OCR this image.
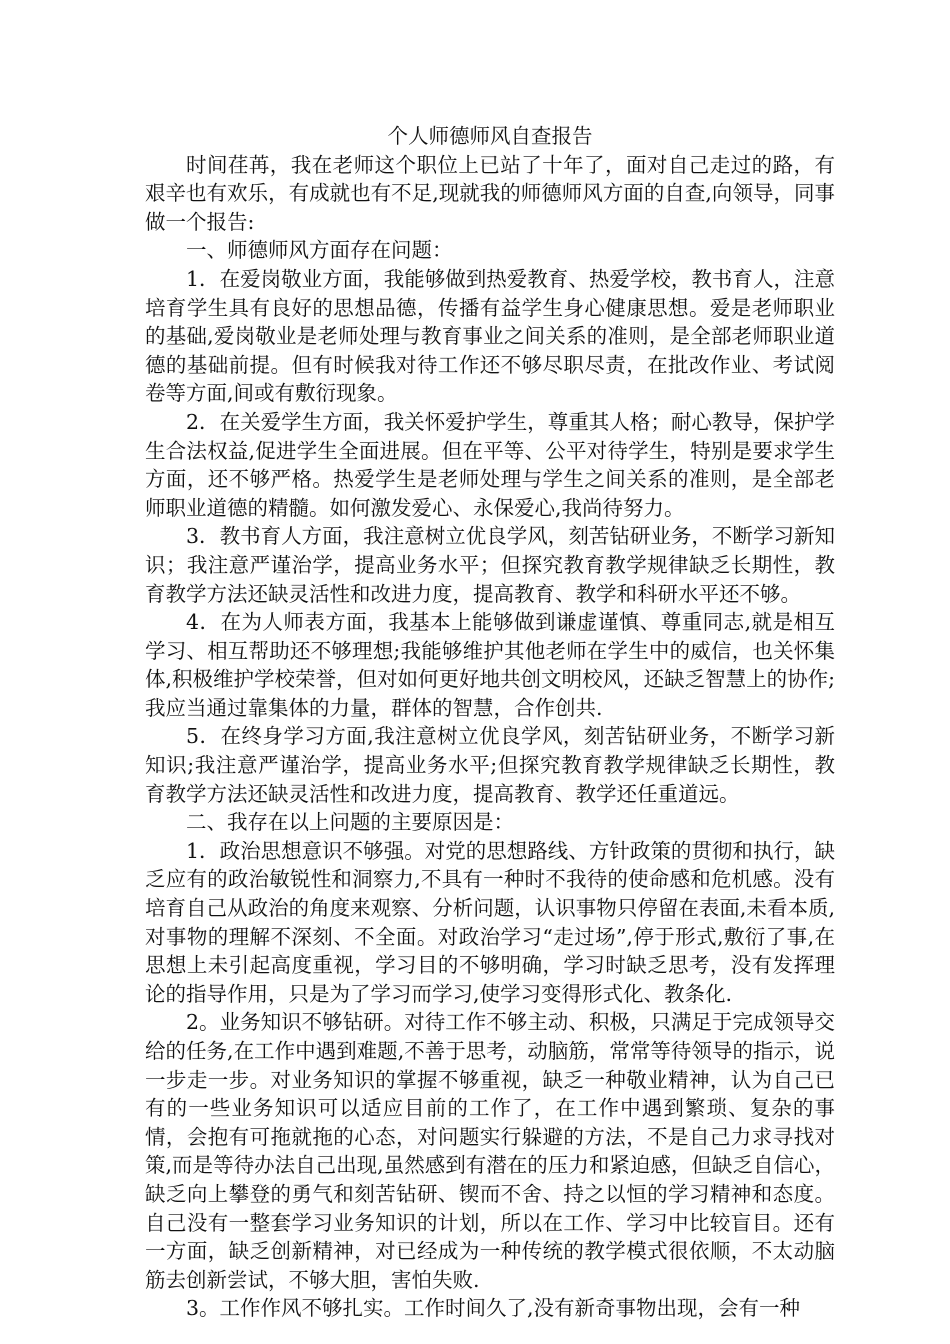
个人师德师风自查报告

时间荏苒，我在老师这个职位上已站了十年了，面对自己走过的路，有艰辛也有欢乐，有成就也有不足,现就我的师德师风方面的自查,向领导，同事做一个报告:

一、师德师风方面存在问题：

1．在爱岗敬业方面，我能够做到热爱教育、热爱学校，教书育人，注意培育学生具有良好的思想品德，传播有益学生身心健康思想。爱是老师职业的基础,爱岗敬业是老师处理与教育事业之间关系的准则，是全部老师职业道德的基础前提。但有时候我对待工作还不够尽职尽责，在批改作业、考试阅卷等方面,间或有敷衍现象。

2．在关爱学生方面，我关怀爱护学生，尊重其人格；耐心教导，保护学生合法权益,促进学生全面进展。但在平等、公平对待学生，特别是要求学生方面，还不够严格。热爱学生是老师处理与学生之间关系的准则，是全部老师职业道德的精髓。如何激发爱心、永保爱心,我尚待努力。

3．教书育人方面，我注意树立优良学风，刻苦钻研业务，不断学习新知识；我注意严谨治学，提高业务水平；但探究教育教学规律缺乏长期性，教育教学方法还缺灵活性和改进力度，提高教育、教学和科研水平还不够。

4．在为人师表方面，我基本上能够做到谦虚谨慎、尊重同志,就是相互学习、相互帮助还不够理想;我能够维护其他老师在学生中的威信，也关怀集体,积极维护学校荣誉，但对如何更好地共创文明校风，还缺乏智慧上的协作;我应当通过靠集体的力量，群体的智慧，合作创共.

5．在终身学习方面,我注意树立优良学风，刻苦钻研业务，不断学习新知识;我注意严谨治学，提高业务水平;但探究教育教学规律缺乏长期性，教育教学方法还缺灵活性和改进力度，提高教育、教学还任重道远。

二、我存在以上问题的主要原因是：

1．政治思想意识不够强。对党的思想路线、方针政策的贯彻和执行，缺乏应有的政治敏锐性和洞察力,不具有一种时不我待的使命感和危机感。没有培育自己从政治的角度来观察、分析问题，认识事物只停留在表面,未看本质,对事物的理解不深刻、不全面。对政治学习“走过场”,停于形式,敷衍了事,在思想上未引起高度重视，学习目的不够明确，学习时缺乏思考，没有发挥理论的指导作用，只是为了学习而学习,使学习变得形式化、教条化.

2。业务知识不够钻研。对待工作不够主动、积极，只满足于完成领导交给的任务,在工作中遇到难题,不善于思考，动脑筋，常常等待领导的指示，说一步走一步。对业务知识的掌握不够重视，缺乏一种敬业精神，认为自己已有的一些业务知识可以适应目前的工作了，在工作中遇到繁琐、复杂的事情，会抱有可拖就拖的心态，对问题实行躲避的方法，不是自己力求寻找对策,而是等待办法自己出现,虽然感到有潜在的压力和紧迫感，但缺乏自信心，缺乏向上攀登的勇气和刻苦钻研、锲而不舍、持之以恒的学习精神和态度。自己没有一整套学习业务知识的计划，所以在工作、学习中比较盲目。还有一方面，缺乏创新精神，对已经成为一种传统的教学模式很依顺，不太动脑筋去创新尝试，不够大胆，害怕失败.

3。工作作风不够扎实。工作时间久了,没有新奇事物出现，会有一种
